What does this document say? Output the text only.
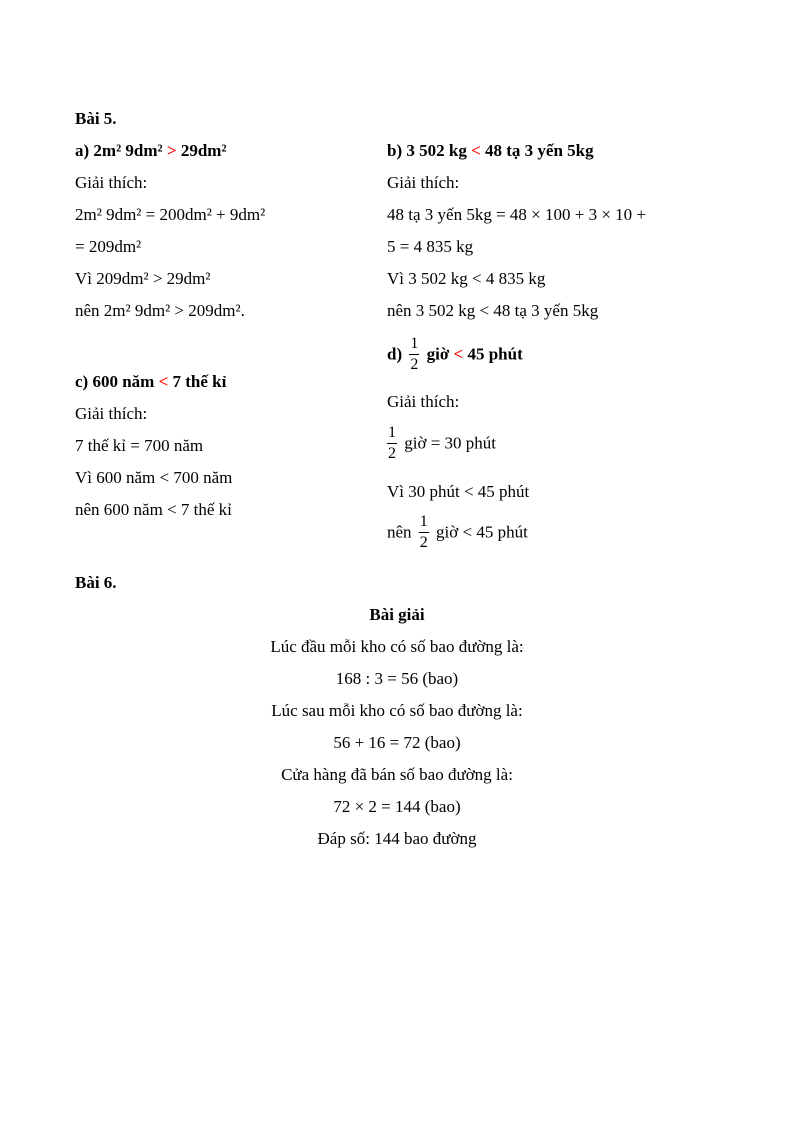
Bài 5.
a) 2m² 9dm² > 29dm²
Giải thích:
2m² 9dm² = 200dm² + 9dm²
= 209dm²
Vì 209dm² > 29dm²
nên 2m² 9dm² > 209dm².
b) 3 502 kg < 48 tạ 3 yến 5kg
Giải thích:
48 tạ 3 yến 5kg = 48 × 100 + 3 × 10 +
5 = 4 835 kg
Vì 3 502 kg < 4 835 kg
nên 3 502 kg < 48 tạ 3 yến 5kg
c) 600 năm < 7 thế kỉ
Giải thích:
7 thế kỉ = 700 năm
Vì 600 năm < 700 năm
nên 600 năm < 7 thế kỉ
$d) \frac{1}{2}$ giờ < 45 phút
Giải thích:
$\frac{1}{2}$ giờ = 30 phút
Vì 30 phút < 45 phút
nên $\frac{1}{2}$ giờ < 45 phút
Bài 6.
Bài giải
Lúc đầu mỗi kho có số bao đường là:
168 : 3 = 56 (bao)
Lúc sau mỗi kho có số bao đường là:
56 + 16 = 72 (bao)
Cửa hàng đã bán số bao đường là:
72 × 2 = 144 (bao)
Đáp số: 144 bao đường
